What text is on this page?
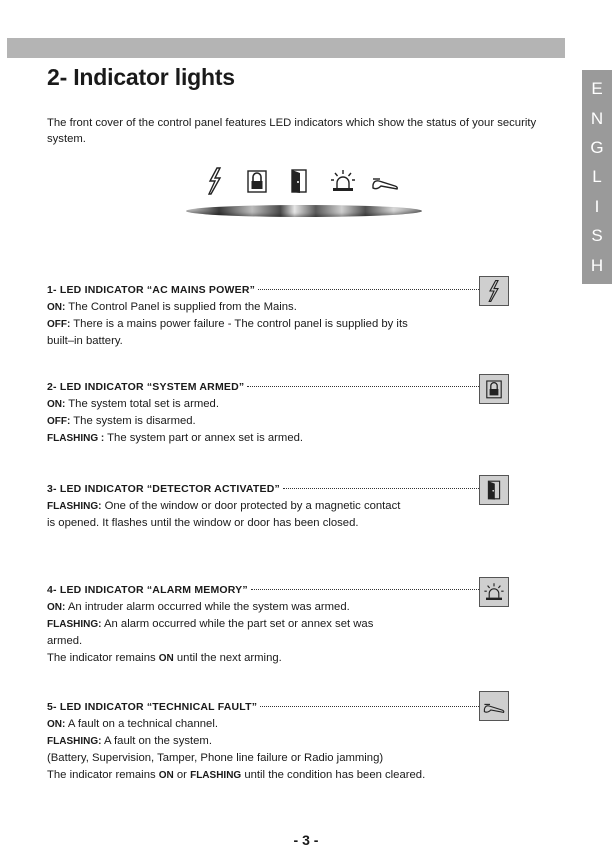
E
N
G
L
I
S
H
2- Indicator lights

The front cover of the control panel features LED indicators which show the status of your security system.

1- LED INDICATOR “AC MAINS POWER”

ON: The Control Panel is supplied from the Mains.

OFF: There is a mains power failure - The control panel is supplied by its built–in battery.

2- LED INDICATOR “SYSTEM ARMED”

ON: The system total set is armed.

OFF: The system is disarmed.

FLASHING : The system part or annex set is armed.

3- LED INDICATOR “DETECTOR ACTIVATED”

FLASHING: One of the window or door protected by a magnetic contact is opened. It flashes until the window or door has been closed.

4- LED INDICATOR “ALARM MEMORY”

ON: An intruder alarm occurred while the system was armed.

FLASHING: An alarm occurred while the part set or annex set was armed.

The indicator remains ON until the next arming.

5- LED INDICATOR “TECHNICAL FAULT”

ON: A fault on a technical channel.

FLASHING: A fault on the system.

(Battery, Supervision, Tamper, Phone line failure or Radio jamming)

The indicator remains ON or FLASHING until the condition has been cleared.

- 3 -
